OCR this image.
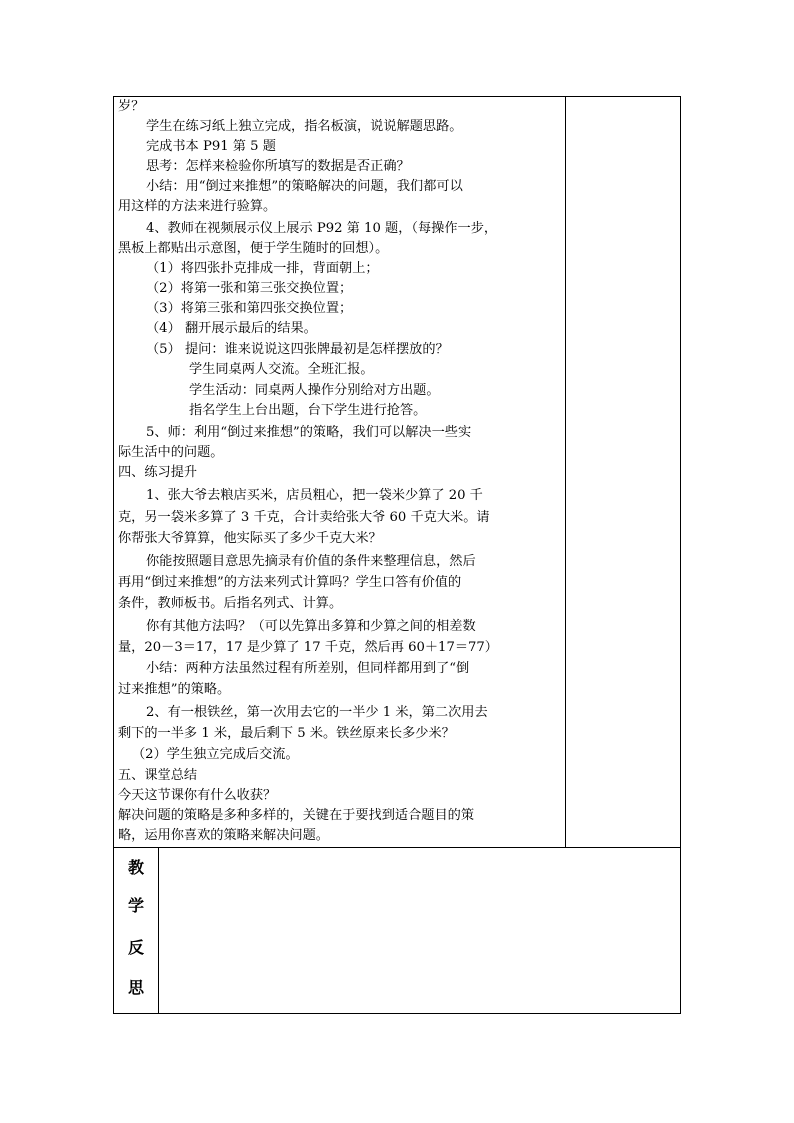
岁？
学生在练习纸上独立完成，指名板演，说说解题思路。
完成书本 P91 第 5 题
思考：怎样来检验你所填写的数据是否正确？
小结：用“倒过来推想”的策略解决的问题，我们都可以
用这样的方法来进行验算。
4、教师在视频展示仪上展示 P92 第 10 题，（每操作一步，
黑板上都贴出示意图，便于学生随时的回想）。
（1）将四张扑克排成一排，背面朝上；
（2）将第一张和第三张交换位置；
（3）将第三张和第四张交换位置；
（4） 翻开展示最后的结果。
（5） 提问：谁来说说这四张牌最初是怎样摆放的？
学生同桌两人交流。全班汇报。
学生活动：同桌两人操作分别给对方出题。
指名学生上台出题，台下学生进行抢答。
5、师：利用“倒过来推想”的策略，我们可以解决一些实
际生活中的问题。
四、练习提升
1、张大爷去粮店买米，店员粗心，把一袋米少算了 20 千
克，另一袋米多算了 3 千克，合计卖给张大爷 60 千克大米。请
你帮张大爷算算，他实际买了多少千克大米？
你能按照题目意思先摘录有价值的条件来整理信息，然后
再用“倒过来推想”的方法来列式计算吗？学生口答有价值的
条件，教师板书。后指名列式、计算。
你有其他方法吗？（可以先算出多算和少算之间的相差数
量，20－3＝17，17 是少算了 17 千克，然后再 60＋17＝77）
小结：两种方法虽然过程有所差别，但同样都用到了“倒
过来推想”的策略。
2、有一根铁丝，第一次用去它的一半少 1 米，第二次用去
剩下的一半多 1 米，最后剩下 5 米。铁丝原来长多少米？
（2）学生独立完成后交流。
五、课堂总结
今天这节课你有什么收获？
解决问题的策略是多种多样的，关键在于要找到适合题目的策
略，运用你喜欢的策略来解决问题。
教
学
反
思
